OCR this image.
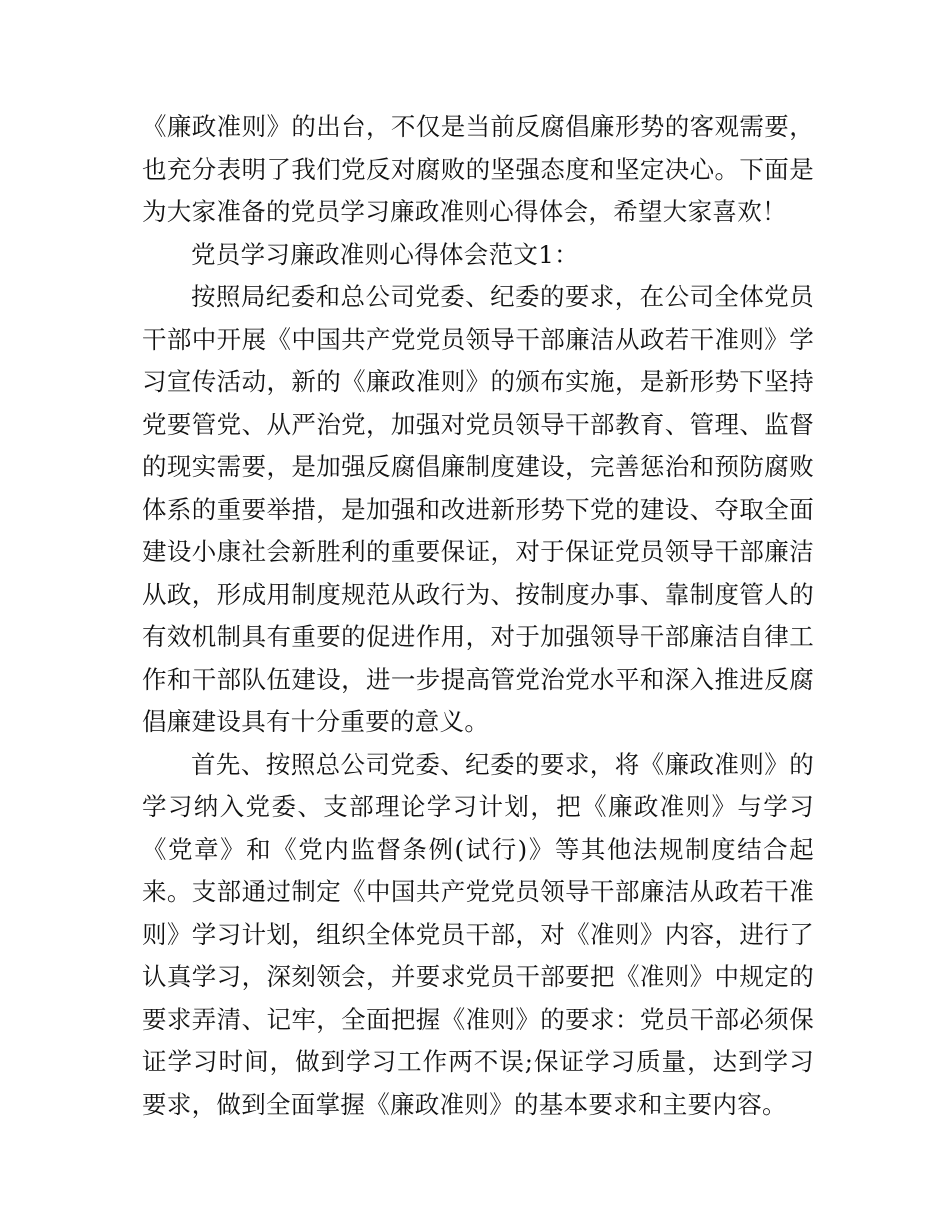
《廉政准则》的出台，不仅是当前反腐倡廉形势的客观需要，也充分表明了我们党反对腐败的坚强态度和坚定决心。下面是为大家准备的党员学习廉政准则心得体会，希望大家喜欢！

党员学习廉政准则心得体会范文1：

按照局纪委和总公司党委、纪委的要求，在公司全体党员干部中开展《中国共产党党员领导干部廉洁从政若干准则》学习宣传活动，新的《廉政准则》的颁布实施，是新形势下坚持党要管党、从严治党，加强对党员领导干部教育、管理、监督的现实需要，是加强反腐倡廉制度建设，完善惩治和预防腐败体系的重要举措，是加强和改进新形势下党的建设、夺取全面建设小康社会新胜利的重要保证，对于保证党员领导干部廉洁从政，形成用制度规范从政行为、按制度办事、靠制度管人的有效机制具有重要的促进作用，对于加强领导干部廉洁自律工作和干部队伍建设，进一步提高管党治党水平和深入推进反腐倡廉建设具有十分重要的意义。

首先、按照总公司党委、纪委的要求，将《廉政准则》的学习纳入党委、支部理论学习计划，把《廉政准则》与学习《党章》和《党内监督条例(试行)》等其他法规制度结合起来。支部通过制定《中国共产党党员领导干部廉洁从政若干准则》学习计划，组织全体党员干部，对《准则》内容，进行了认真学习，深刻领会，并要求党员干部要把《准则》中规定的要求弄清、记牢，全面把握《准则》的要求：党员干部必须保证学习时间，做到学习工作两不误;保证学习质量，达到学习要求，做到全面掌握《廉政准则》的基本要求和主要内容。
